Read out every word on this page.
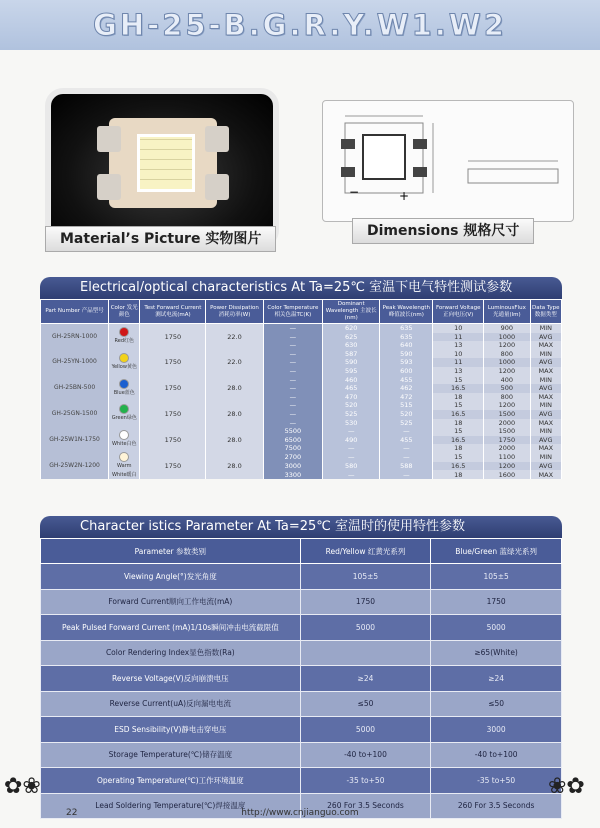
GH-25-B.G.R.Y.W1.W2
Material’s Picture 实物图片
−	+
Dimensions 规格尺寸
Electrical/optical characteristics At Ta=25℃ 室温下电气特性测试参数
Part Number 产品型号	Color 发光颜色	Test Forward Current 测试电流(mA)	Power Dissipation 消耗功率(W)	Color Temperature 相关色温TC(K)	Dominant Wavelength 主波长(nm)	Peak Wavelength 峰值波长(nm)	Forward Voltage 正向电压(V)	LuminousFlux 光通量(lm)	Data Type 数据类型
GH-25RN-1000	Red红色	1750	22.0	—	620	635	10	900	MIN
				—	625	635	11	1000	AVG
				—	630	640	13	1200	MAX
GH-25YN-1000	Yellow黄色	1750	22.0	—	587	590	10	800	MIN
				—	590	593	11	1000	AVG
				—	595	600	13	1200	MAX
GH-25BN-500	Blue蓝色	1750	28.0	—	460	455	15	400	MIN
				—	465	462	16.5	500	AVG
				—	470	472	18	800	MAX
GH-25GN-1500	Green绿色	1750	28.0	—	520	515	15	1200	MIN
				—	525	520	16.5	1500	AVG
				—	530	525	18	2000	MAX
GH-25W1N-1750	White白色	1750	28.0	5500	—	—	15	1500	MIN
				6500	490	455	16.5	1750	AVG
				7500	—	—	18	2000	MAX
GH-25W2N-1200	Warm White暖白	1750	28.0	2700	—	—	15	1100	MIN
				3000	580	588	16.5	1200	AVG
				3300	—	—	18	1600	MAX
Character istics Parameter At Ta=25℃ 室温时的使用特性参数
Parameter 参数类别	Red/Yellow 红黄光系列	Blue/Green 蓝绿光系列
Viewing Angle(°)发光角度	105±5	105±5
Forward Current顺向工作电流(mA)	1750	1750
Peak Pulsed Forward Current (mA)1/10s瞬间冲击电流截限值	5000	5000
Color Rendering Index显色指数(Ra)		≥65(White)
Reverse Voltage(V)反向崩溃电压	≥24	≥24
Reverse Current(uA)反向漏电电流	≤50	≤50
ESD Sensibility(V)静电击穿电压	5000	3000
Storage Temperature(℃)储存温度	-40 to+100	-40 to+100
Operating Temperature(℃)工作环境温度	-35 to+50	-35 to+50
Lead Soldering Temperature(℃)焊接温度	260 For 3.5 Seconds	260 For 3.5 Seconds
✿❀	❀✿
22	http://www.cnjianguo.com
